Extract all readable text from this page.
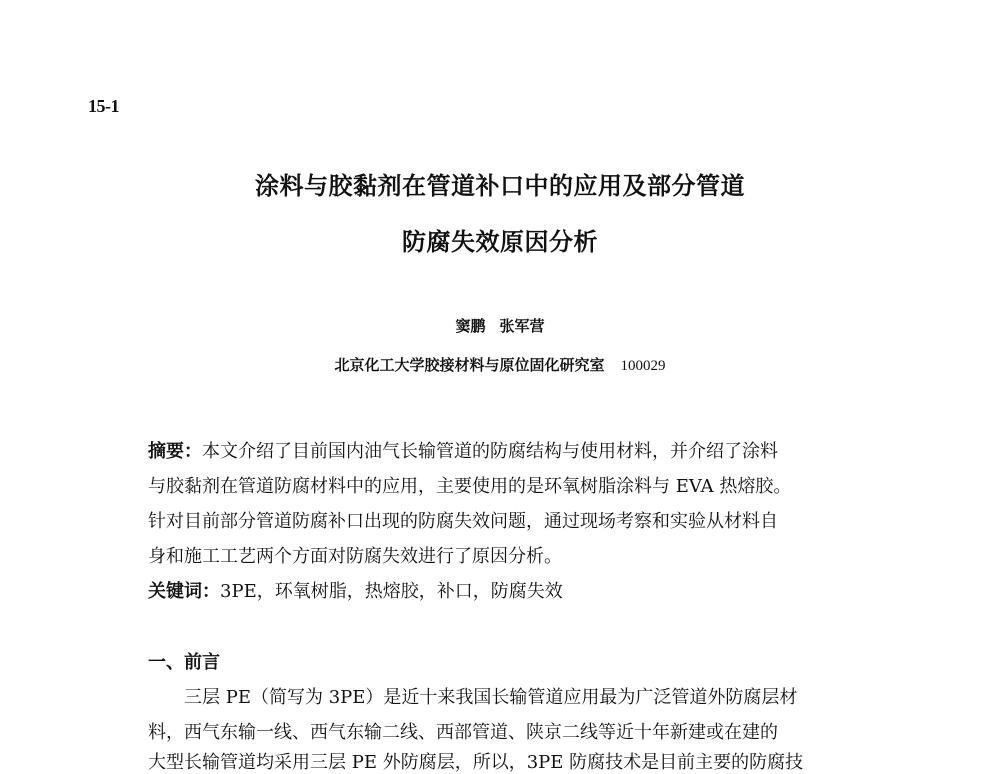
15-1
涂料与胶黏剂在管道补口中的应用及部分管道
防腐失效原因分析
窦鹏 张军营
北京化工大学胶接材料与原位固化研究室 100029
摘要：本文介绍了目前国内油气长输管道的防腐结构与使用材料，并介绍了涂料
与胶黏剂在管道防腐材料中的应用，主要使用的是环氧树脂涂料与 EVA 热熔胶。
针对目前部分管道防腐补口出现的防腐失效问题，通过现场考察和实验从材料自
身和施工工艺两个方面对防腐失效进行了原因分析。
关键词：3PE，环氧树脂，热熔胶，补口，防腐失效
一、前言
三层 PE（简写为 3PE）是近十来我国长输管道应用最为广泛管道外防腐层材
料，西气东输一线、西气东输二线、西部管道、陕京二线等近十年新建或在建的
大型长输管道均采用三层 PE 外防腐层，所以，3PE 防腐技术是目前主要的防腐技
